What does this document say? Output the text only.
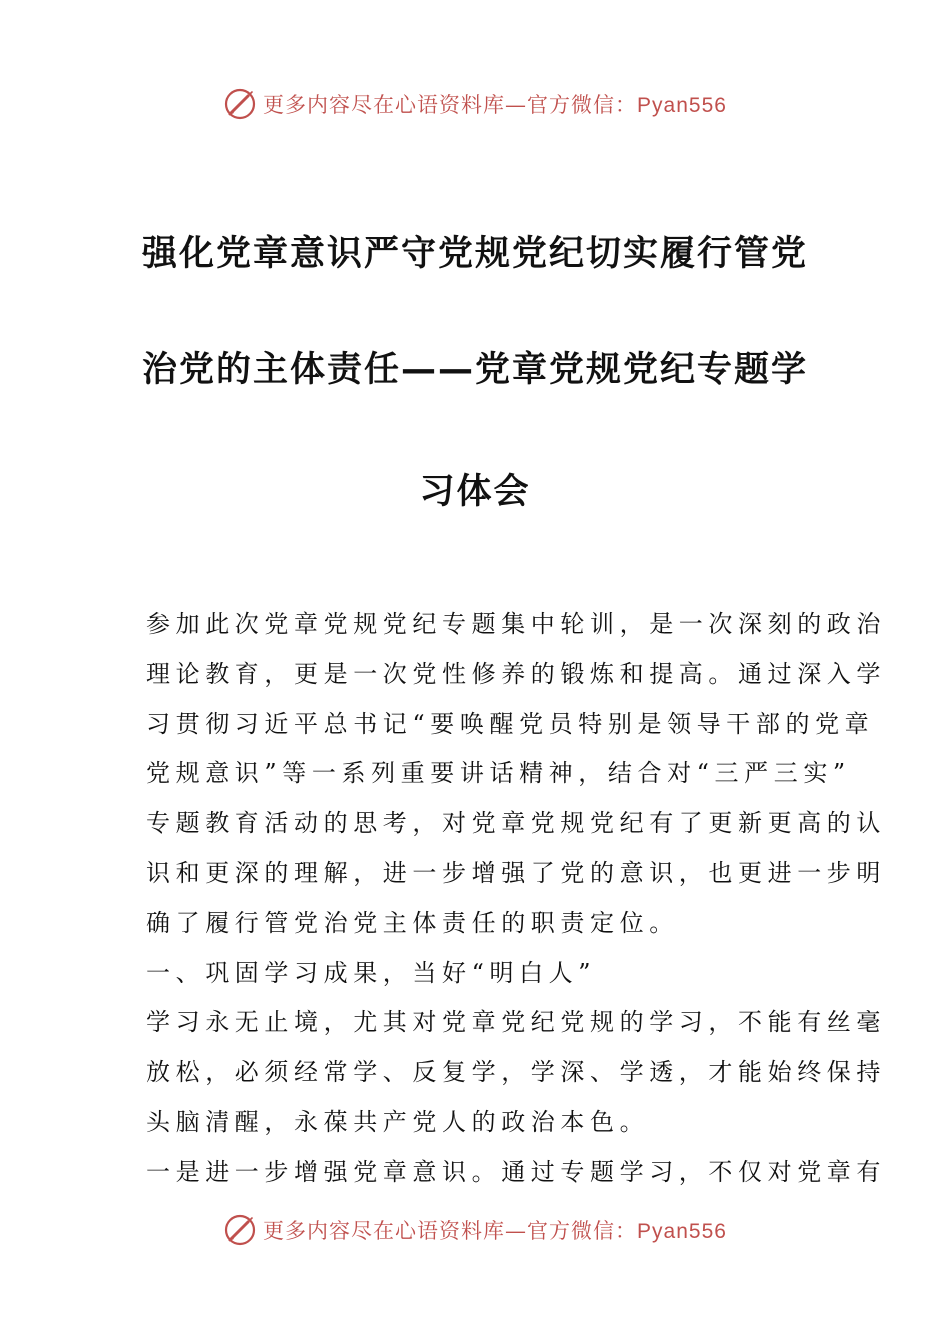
更多内容尽在心语资料库—官方微信：Pyan556
强化党章意识严守党规党纪切实履行管党
治党的主体责任——党章党规党纪专题学
习体会
参加此次党章党规党纪专题集中轮训，是一次深刻的政治
理论教育，更是一次党性修养的锻炼和提高。通过深入学
习贯彻习近平总书记“要唤醒党员特别是领导干部的党章
党规意识”等一系列重要讲话精神，结合对“三严三实”
专题教育活动的思考，对党章党规党纪有了更新更高的认
识和更深的理解，进一步增强了党的意识，也更进一步明
确了履行管党治党主体责任的职责定位。
一、巩固学习成果，当好“明白人”
学习永无止境，尤其对党章党纪党规的学习，不能有丝毫
放松，必须经常学、反复学，学深、学透，才能始终保持
头脑清醒，永葆共产党人的政治本色。
一是进一步增强党章意识。通过专题学习，不仅对党章有
更多内容尽在心语资料库—官方微信：Pyan556
